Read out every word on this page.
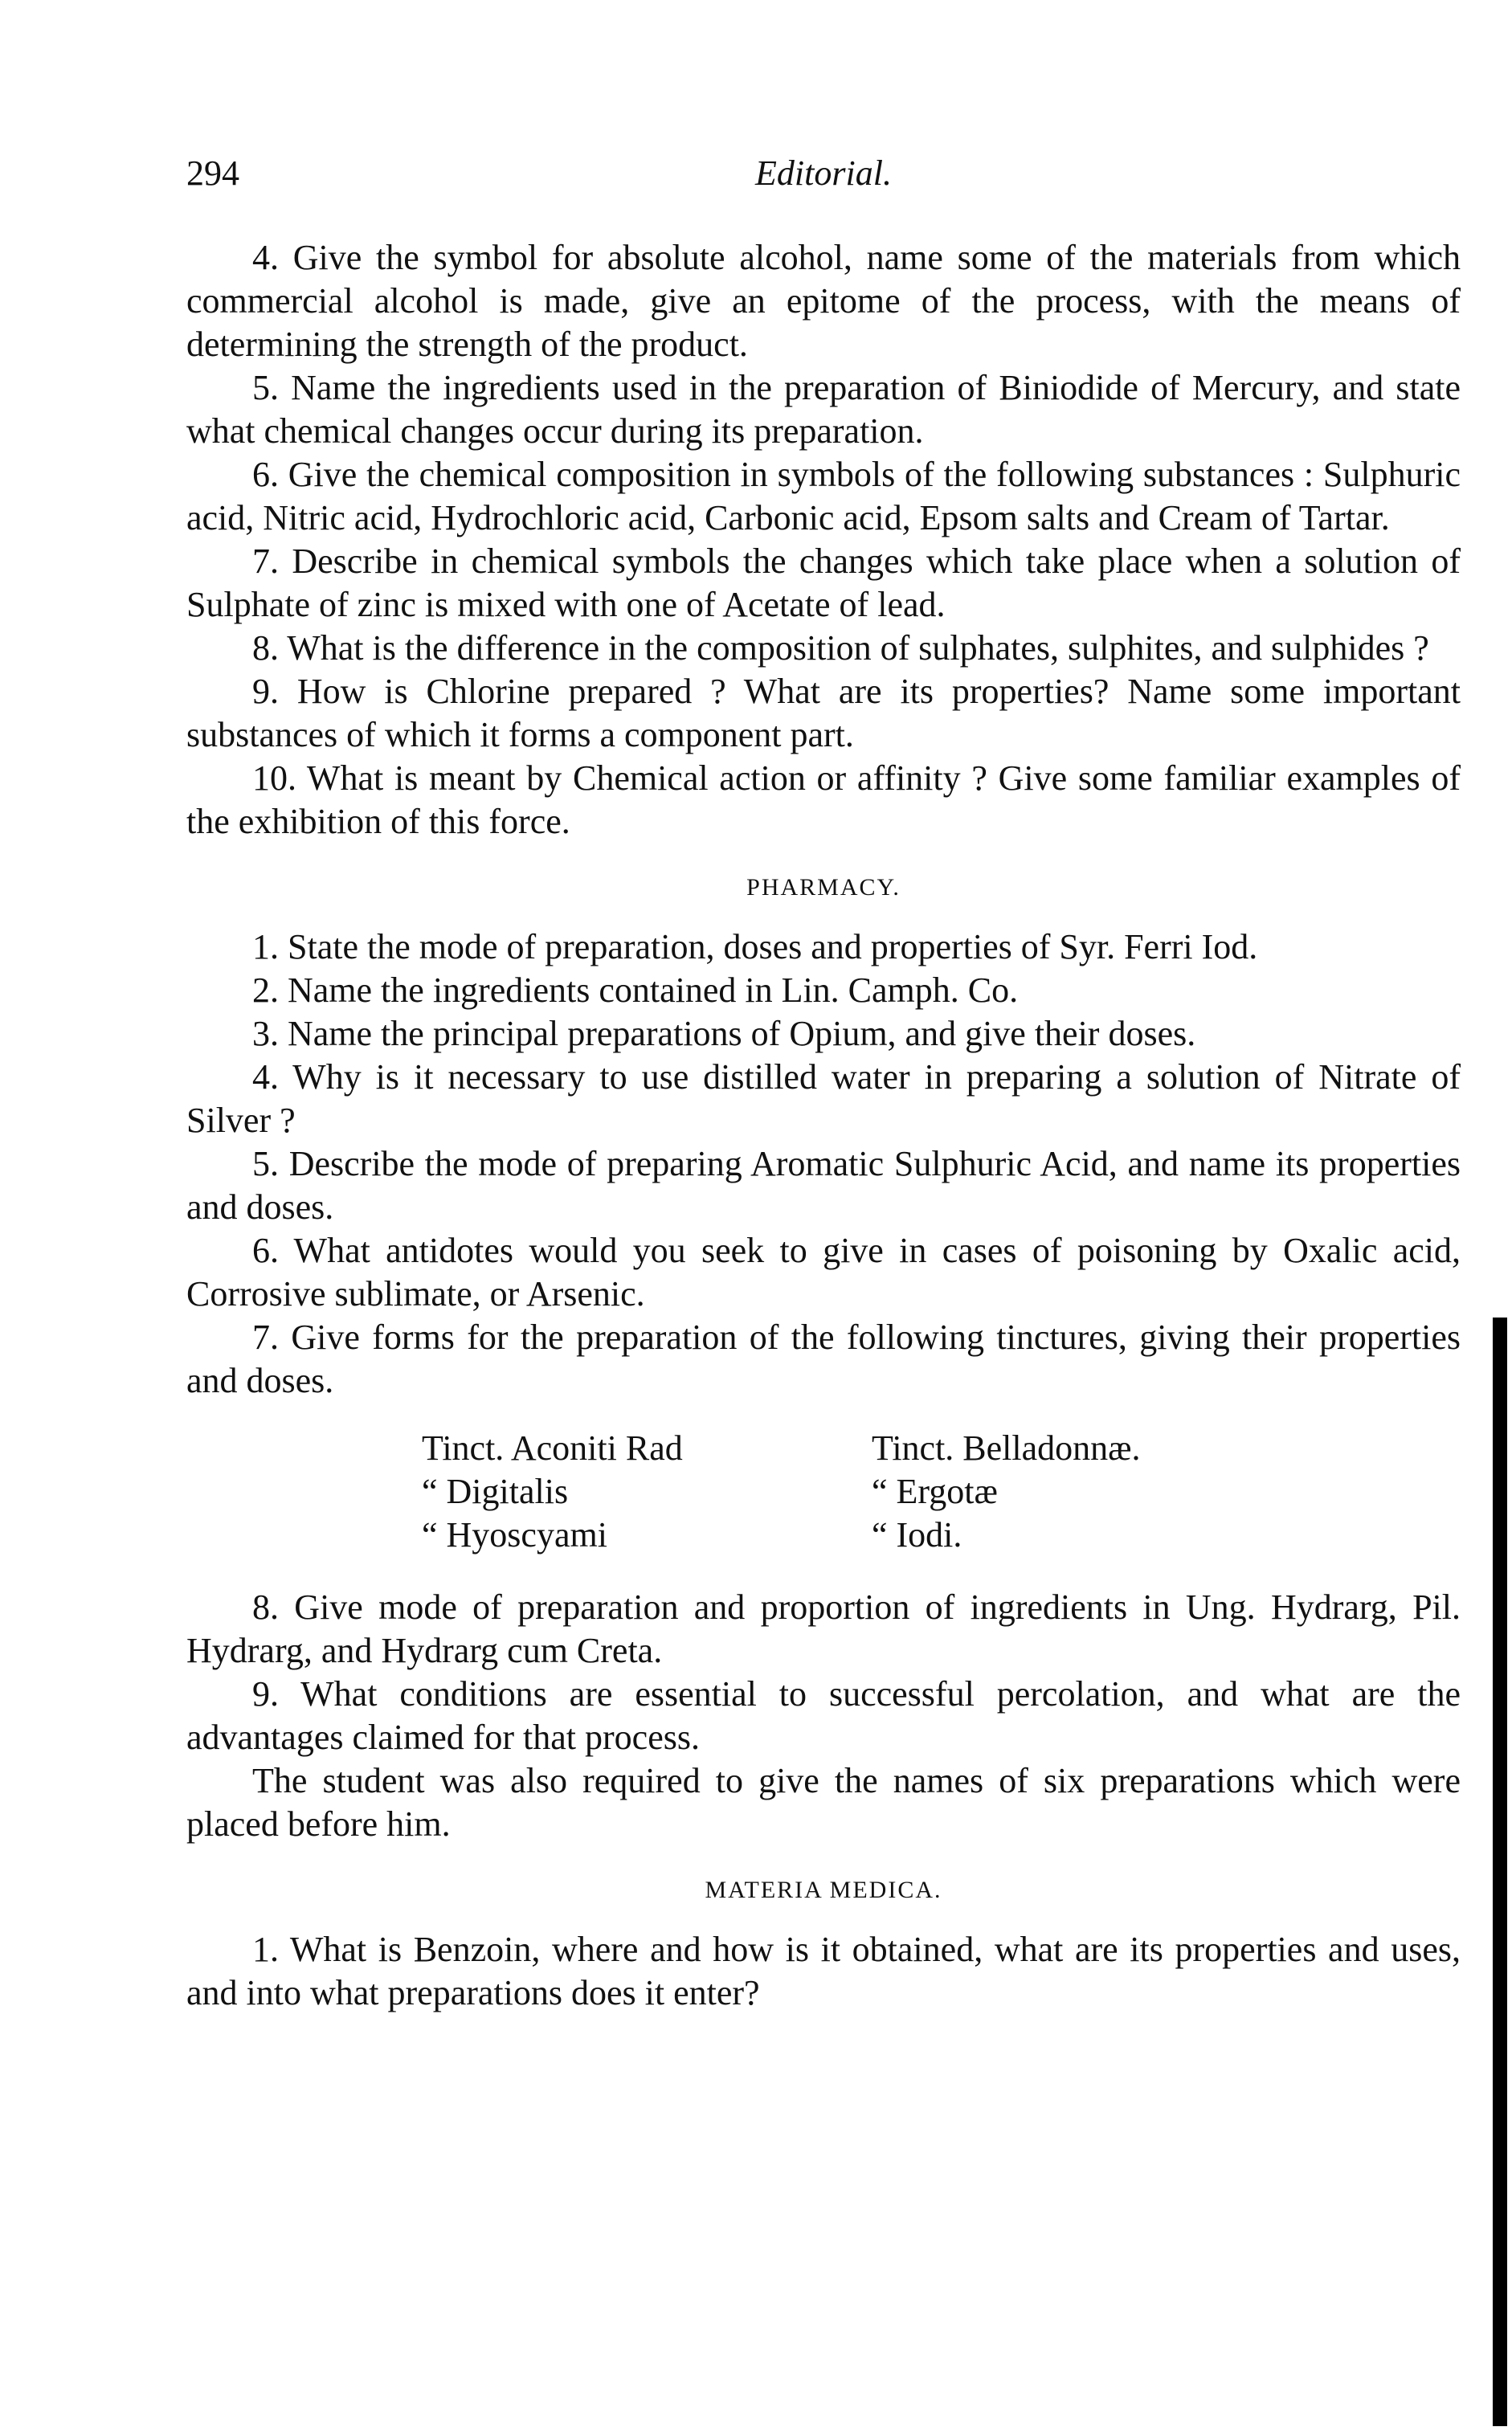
294	Editorial.

4. Give the symbol for absolute alcohol, name some of the materials from which commercial alcohol is made, give an epitome of the process, with the means of determining the strength of the product.

5. Name the ingredients used in the preparation of Biniodide of Mercury, and state what chemical changes occur during its preparation.

6. Give the chemical composition in symbols of the following substances : Sulphuric acid, Nitric acid, Hydrochloric acid, Carbonic acid, Epsom salts and Cream of Tartar.

7. Describe in chemical symbols the changes which take place when a solution of Sulphate of zinc is mixed with one of Acetate of lead.

8. What is the difference in the composition of sulphates, sulphites, and sulphides ?

9. How is Chlorine prepared ? What are its properties? Name some important substances of which it forms a component part.

10. What is meant by Chemical action or affinity ? Give some familiar examples of the exhibition of this force.

PHARMACY.

1. State the mode of preparation, doses and properties of Syr. Ferri Iod.

2. Name the ingredients contained in Lin. Camph. Co.

3. Name the principal preparations of Opium, and give their doses.

4. Why is it necessary to use distilled water in preparing a solution of Nitrate of Silver ?

5. Describe the mode of preparing Aromatic Sulphuric Acid, and name its properties and doses.

6. What antidotes would you seek to give in cases of poisoning by Oxalic acid, Corrosive sublimate, or Arsenic.

7. Give forms for the preparation of the following tinctures, giving their properties and doses.

Tinct. Aconiti Rad	Tinct. Belladonnæ.
“ Digitalis	“ Ergotæ
“ Hyoscyami	“ Iodi.

8. Give mode of preparation and proportion of ingredients in Ung. Hydrarg, Pil. Hydrarg, and Hydrarg cum Creta.

9. What conditions are essential to successful percolation, and what are the advantages claimed for that process.

The student was also required to give the names of six preparations which were placed before him.

MATERIA MEDICA.

1. What is Benzoin, where and how is it obtained, what are its properties and uses, and into what preparations does it enter?
